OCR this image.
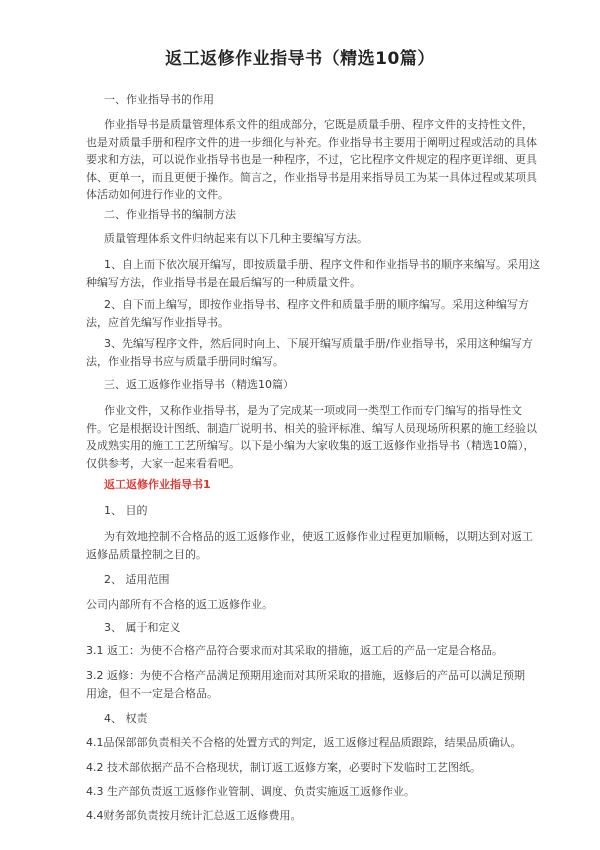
返工返修作业指导书（精选10篇）
一、作业指导书的作用
作业指导书是质量管理体系文件的组成部分，它既是质量手册、程序文件的支持性文件，
也是对质量手册和程序文件的进一步细化与补充。作业指导书主要用于阐明过程或活动的具体
要求和方法，可以说作业指导书也是一种程序，不过，它比程序文件规定的程序更详细、更具
体、更单一，而且更便于操作。简言之，作业指导书是用来指导员工为某一具体过程或某项具
体活动如何进行作业的文件。
二、作业指导书的编制方法
质量管理体系文件归纳起来有以下几种主要编写方法。
1、自上而下依次展开编写，即按质量手册、程序文件和作业指导书的顺序来编写。采用这
种编写方法，作业指导书是在最后编写的一种质量文件。
2、自下而上编写，即按作业指导书、程序文件和质量手册的顺序编写。采用这种编写方
法，应首先编写作业指导书。
3、先编写程序文件，然后同时向上、下展开编写质量手册/作业指导书，采用这种编写方
法，作业指导书应与质量手册同时编写。
三、返工返修作业指导书（精选10篇）
作业文件，又称作业指导书，是为了完成某一项或同一类型工作而专门编写的指导性文
件。它是根据设计图纸、制造厂说明书、相关的验评标准、编写人员现场所积累的施工经验以
及成熟实用的施工工艺所编写。以下是小编为大家收集的返工返修作业指导书（精选10篇），
仅供参考，大家一起来看看吧。
返工返修作业指导书1
1、 目的
为有效地控制不合格品的返工返修作业，使返工返修作业过程更加顺畅，以期达到对返工
返修品质量控制之目的。
2、 适用范围
公司内部所有不合格的返工返修作业。
3、 属于和定义
3.1 返工：为使不合格产品符合要求而对其采取的措施，返工后的产品一定是合格品。
3.2 返修：为使不合格产品满足预期用途而对其所采取的措施，返修后的产品可以满足预期
用途，但不一定是合格品。
4、 权责
4.1品保部部负责相关不合格的处置方式的判定，返工返修过程品质跟踪，结果品质确认。
4.2 技术部依据产品不合格现状，制订返工返修方案，必要时下发临时工艺图纸。
4.3 生产部负责返工返修作业管制、调度、负责实施返工返修作业。
4.4财务部负责按月统计汇总返工返修费用。
